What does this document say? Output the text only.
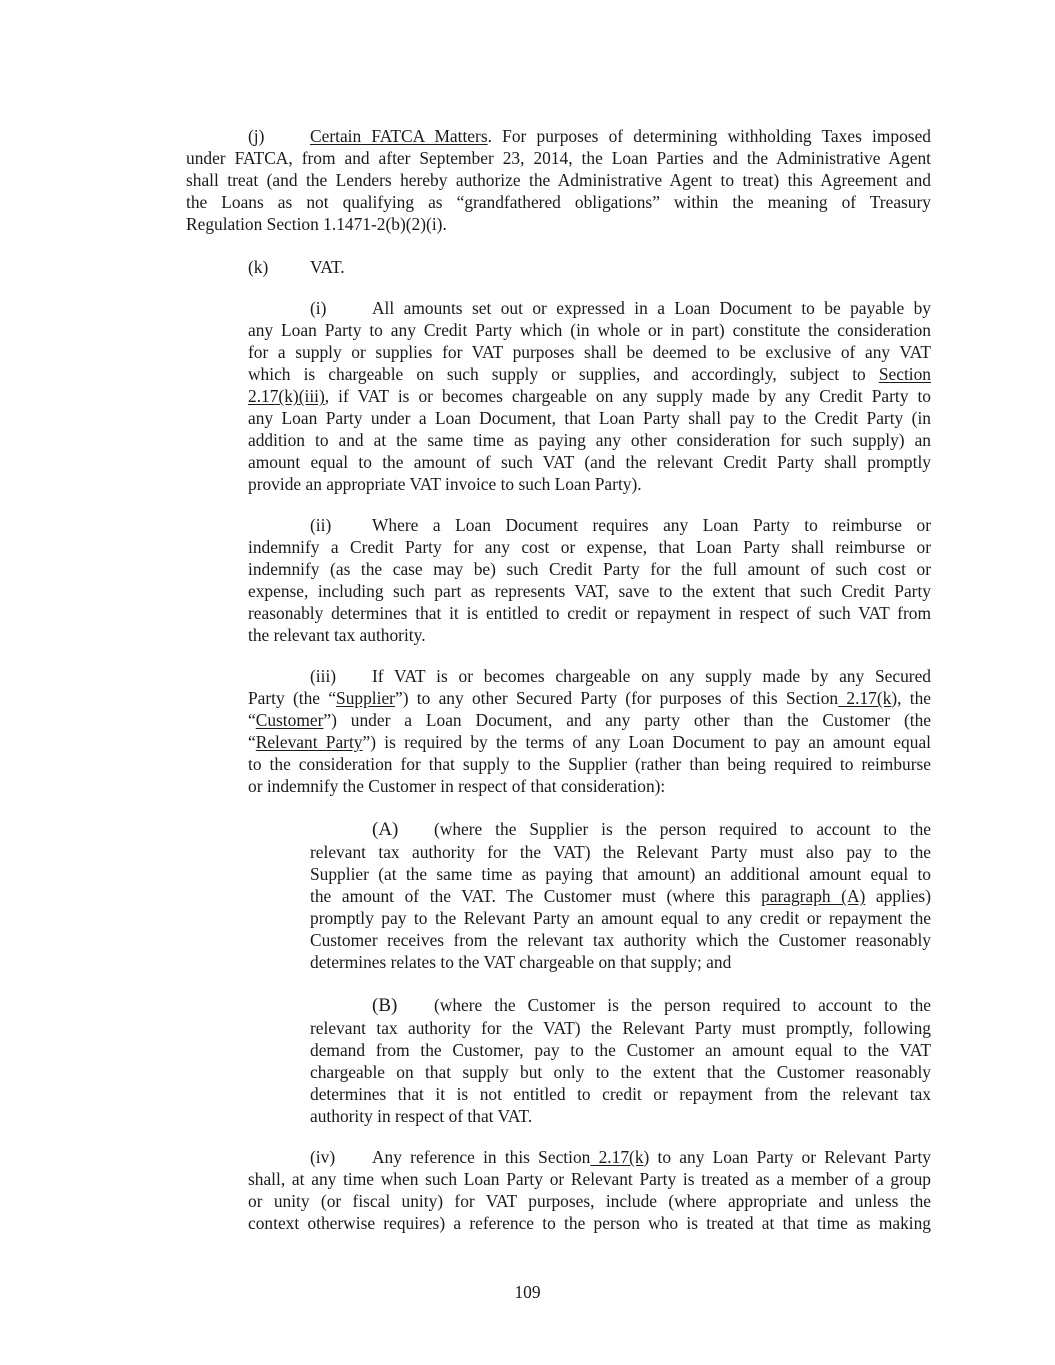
(j)	Certain FATCA Matters. For purposes of determining withholding Taxes imposed
under FATCA, from and after September 23, 2014, the Loan Parties and the Administrative Agent
shall treat (and the Lenders hereby authorize the Administrative Agent to treat) this Agreement and
the Loans as not qualifying as “grandfathered obligations” within the meaning of Treasury
Regulation Section 1.1471-2(b)(2)(i).
(k) VAT.
(i)	All amounts set out or expressed in a Loan Document to be payable by
any Loan Party to any Credit Party which (in whole or in part) constitute the consideration
for a supply or supplies for VAT purposes shall be deemed to be exclusive of any VAT
which is chargeable on such supply or supplies, and accordingly, subject to Section
2.17(k)(iii), if VAT is or becomes chargeable on any supply made by any Credit Party to
any Loan Party under a Loan Document, that Loan Party shall pay to the Credit Party (in
addition to and at the same time as paying any other consideration for such supply) an
amount equal to the amount of such VAT (and the relevant Credit Party shall promptly
provide an appropriate VAT invoice to such Loan Party).
(ii) Where a Loan Document requires any Loan Party to reimburse or
indemnify a Credit Party for any cost or expense, that Loan Party shall reimburse or
indemnify (as the case may be) such Credit Party for the full amount of such cost or
expense, including such part as represents VAT, save to the extent that such Credit Party
reasonably determines that it is entitled to credit or repayment in respect of such VAT from
the relevant tax authority.
(iii) If VAT is or becomes chargeable on any supply made by any Secured
Party (the “Supplier”) to any other Secured Party (for purposes of this Section 2.17(k), the
“Customer”) under a Loan Document, and any party other than the Customer (the
“Relevant Party”) is required by the terms of any Loan Document to pay an amount equal
to the consideration for that supply to the Supplier (rather than being required to reimburse
or indemnify the Customer in respect of that consideration):
(A) (where the Supplier is the person required to account to the
relevant tax authority for the VAT) the Relevant Party must also pay to the
Supplier (at the same time as paying that amount) an additional amount equal to
the amount of the VAT. The Customer must (where this paragraph (A) applies)
promptly pay to the Relevant Party an amount equal to any credit or repayment the
Customer receives from the relevant tax authority which the Customer reasonably
determines relates to the VAT chargeable on that supply; and
(B) (where the Customer is the person required to account to the
relevant tax authority for the VAT) the Relevant Party must promptly, following
demand from the Customer, pay to the Customer an amount equal to the VAT
chargeable on that supply but only to the extent that the Customer reasonably
determines that it is not entitled to credit or repayment from the relevant tax
authority in respect of that VAT.
(iv) Any reference in this Section 2.17(k) to any Loan Party or Relevant Party
shall, at any time when such Loan Party or Relevant Party is treated as a member of a group
or unity (or fiscal unity) for VAT purposes, include (where appropriate and unless the
context otherwise requires) a reference to the person who is treated at that time as making
109
